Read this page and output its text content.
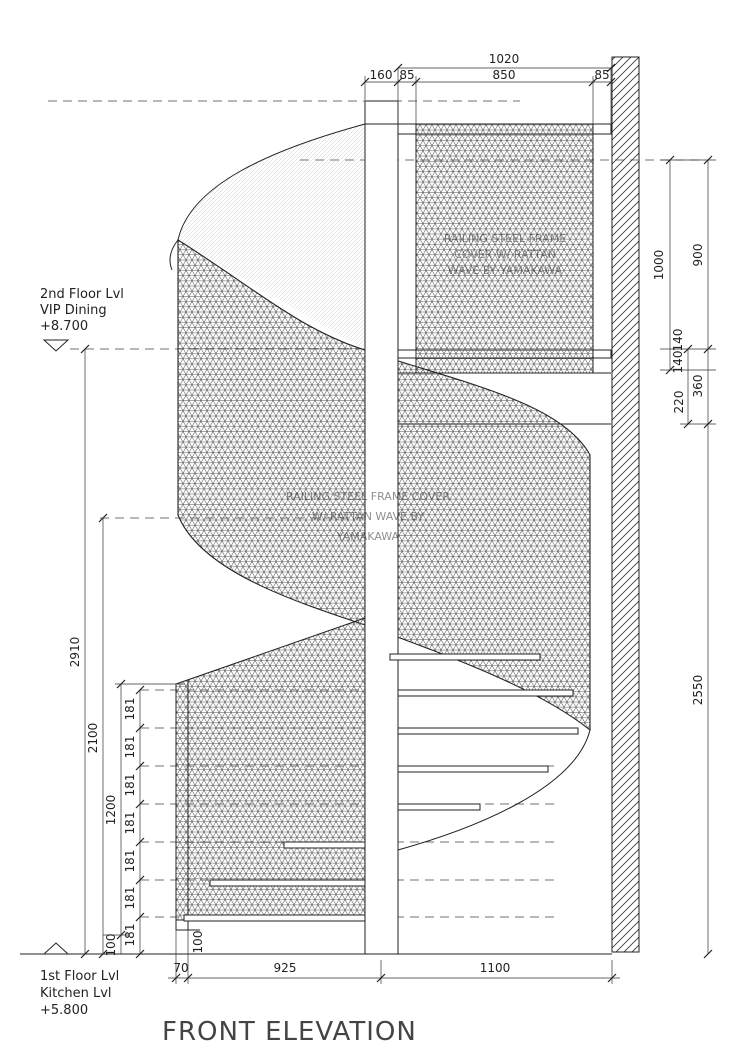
RAILING STEEL FRAME
COVER W/ RATTAN
WAVE BY YAMAKAWA
RAILING STEEL FRAME COVER
W/ RATTAN WAVE BY
YAMAKAWA
1020
160 85	850	85
1000 900
140
140
220
360
2550
2910
2100
1200
100
181
181
181
181
181
181
181	100
70	925	1100
2nd Floor Lvl
VIP Dining
+8.700
1st Floor Lvl
Kitchen Lvl
+5.800
FRONT ELEVATION
